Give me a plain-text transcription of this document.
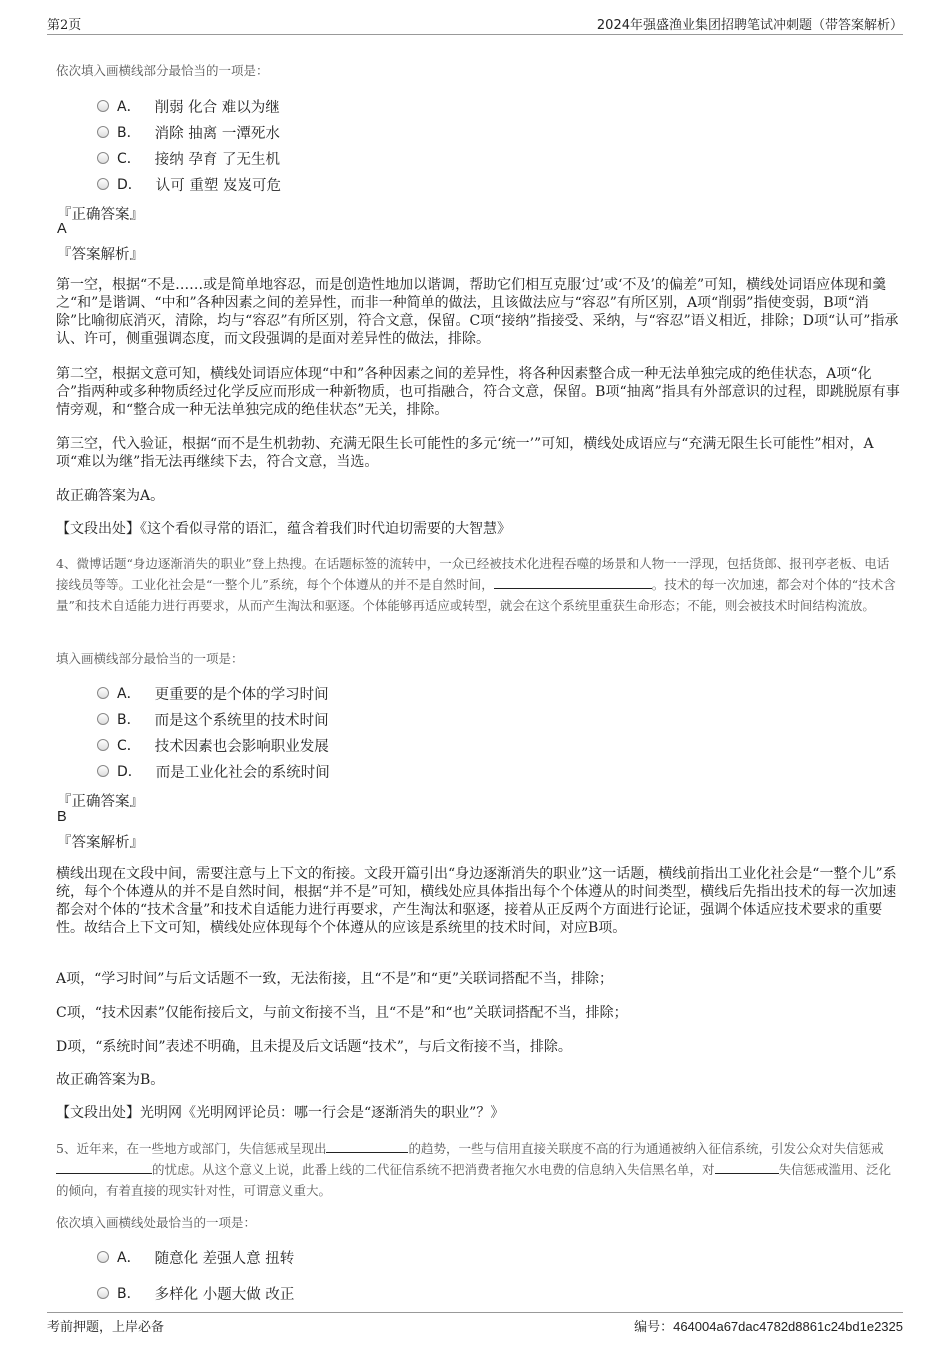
第2页	2024年强盛渔业集团招聘笔试冲刺题（带答案解析）
依次填入画横线部分最恰当的一项是：
A． 削弱 化合 难以为继
B． 消除 抽离 一潭死水
C． 接纳 孕育 了无生机
D． 认可 重塑 岌岌可危
『正确答案』
A
『答案解析』
第一空，根据“不是……或是简单地容忍，而是创造性地加以谐调，帮助它们相互克服‘过’或‘不及’的偏差”可知，横线处词语应体现和羹之“和”是谐调、“中和”各种因素之间的差异性，而非一种简单的做法，且该做法应与“容忍”有所区别，A项“削弱”指使变弱，B项“消除”比喻彻底消灭，清除，均与“容忍”有所区别，符合文意，保留。C项“接纳”指接受、采纳，与“容忍”语义相近，排除；D项“认可”指承认、许可，侧重强调态度，而文段强调的是面对差异性的做法，排除。
第二空，根据文意可知，横线处词语应体现“中和”各种因素之间的差异性，将各种因素整合成一种无法单独完成的绝佳状态，A项“化合”指两种或多种物质经过化学反应而形成一种新物质，也可指融合，符合文意，保留。B项“抽离”指具有外部意识的过程，即跳脱原有事情旁观，和“整合成一种无法单独完成的绝佳状态”无关，排除。
第三空，代入验证，根据“而不是生机勃勃、充满无限生长可能性的多元‘统一’”可知，横线处成语应与“充满无限生长可能性”相对，A项“难以为继”指无法再继续下去，符合文意，当选。
故正确答案为A。
【文段出处】《这个看似寻常的语汇，蕴含着我们时代迫切需要的大智慧》
4、微博话题“身边逐渐消失的职业”登上热搜。在话题标签的流转中，一众已经被技术化进程吞噬的场景和人物一一浮现，包括货郎、报刊亭老板、电话接线员等等。工业化社会是“一整个儿”系统，每个个体遵从的并不是自然时间，	。技术的每一次加速，都会对个体的“技术含量”和技术自适能力进行再要求，从而产生淘汰和驱逐。个体能够再适应或转型，就会在这个系统里重获生命形态；不能，则会被技术时间结构流放。
填入画横线部分最恰当的一项是：
A． 更重要的是个体的学习时间
B． 而是这个系统里的技术时间
C． 技术因素也会影响职业发展
D． 而是工业化社会的系统时间
『正确答案』
B
『答案解析』
横线出现在文段中间，需要注意与上下文的衔接。文段开篇引出“身边逐渐消失的职业”这一话题，横线前指出工业化社会是“一整个儿”系统，每个个体遵从的并不是自然时间，根据“并不是”可知，横线处应具体指出每个个体遵从的时间类型，横线后先指出技术的每一次加速都会对个体的“技术含量”和技术自适能力进行再要求，产生淘汰和驱逐，接着从正反两个方面进行论证，强调个体适应技术要求的重要性。故结合上下文可知，横线处应体现每个个体遵从的应该是系统里的技术时间，对应B项。
A项，“学习时间”与后文话题不一致，无法衔接，且“不是”和“更”关联词搭配不当，排除；
C项，“技术因素”仅能衔接后文，与前文衔接不当，且“不是”和“也”关联词搭配不当，排除；
D项，“系统时间”表述不明确，且未提及后文话题“技术”，与后文衔接不当，排除。
故正确答案为B。
【文段出处】光明网《光明网评论员：哪一行会是“逐渐消失的职业”？》
5、近年来，在一些地方或部门，失信惩戒呈现出	的趋势，一些与信用直接关联度不高的行为通通被纳入征信系统，引发公众对失信惩戒的忧虑。从这个意义上说，此番上线的二代征信系统不把消费者拖欠水电费的信息纳入失信黑名单，对	失信惩戒滥用、泛化的倾向，有着直接的现实针对性，可谓意义重大。
依次填入画横线处最恰当的一项是：
A． 随意化 差强人意 扭转
B． 多样化 小题大做 改正
考前押题，上岸必备	编号：464004a67dac4782d8861c24bd1e2325
